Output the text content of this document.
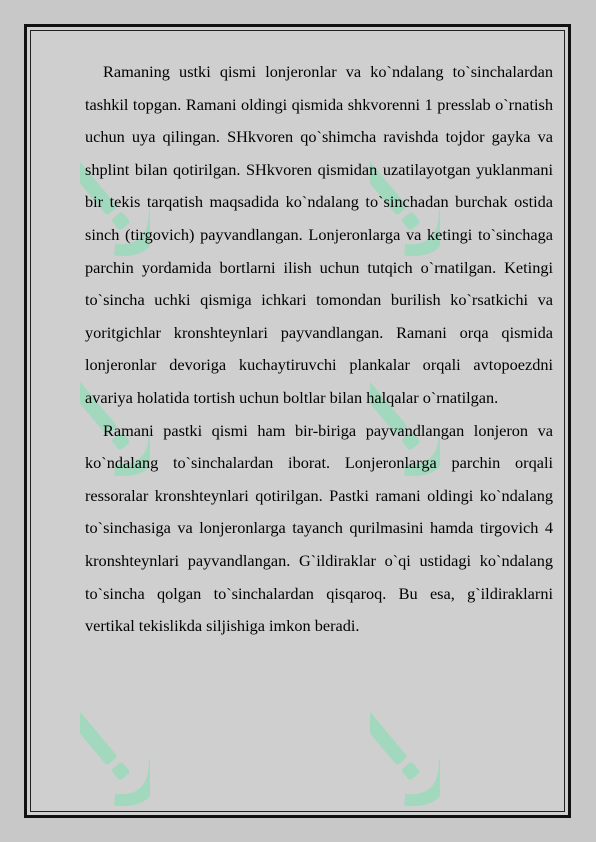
Ramaning ustki qismi lonjeronlar va ko`ndalang to`sinchalardan tashkil topgan. Ramani oldingi qismida shkvorenni 1 presslab o`rnatish uchun uya qilingan. SHkvoren qo`shimcha ravishda tojdor gayka va shplint bilan qotirilgan. SHkvoren qismidan uzatilayotgan yuklanmani bir tekis tarqatish maqsadida ko`ndalang to`sinchadan burchak ostida sinch (tirgovich) payvandlangan. Lonjeronlarga va ketingi to`sinchaga parchin yordamida bortlarni ilish uchun tutqich o`rnatilgan. Ketingi to`sincha uchki qismiga ichkari tomondan burilish ko`rsatkichi va yoritgichlar kronshteynlari payvandlangan. Ramani orqa qismida lonjeronlar devoriga kuchaytiruvchi plankalar orqali avtopoezdni avariya holatida tortish uchun boltlar bilan halqalar o`rnatilgan.

Ramani pastki qismi ham bir-biriga payvandlangan lonjeron va ko`ndalang to`sinchalardan iborat. Lonjeronlarga parchin orqali ressoralar kronshteynlari qotirilgan. Pastki ramani oldingi ko`ndalang to`sinchasiga va lonjeronlarga tayanch qurilmasini hamda tirgovich 4 kronshteynlari payvandlangan. G`ildiraklar o`qi ustidagi ko`ndalang to`sincha qolgan to`sinchalardan qisqaroq. Bu esa, g`ildiraklarni vertikal tekislikda siljishiga imkon beradi.
